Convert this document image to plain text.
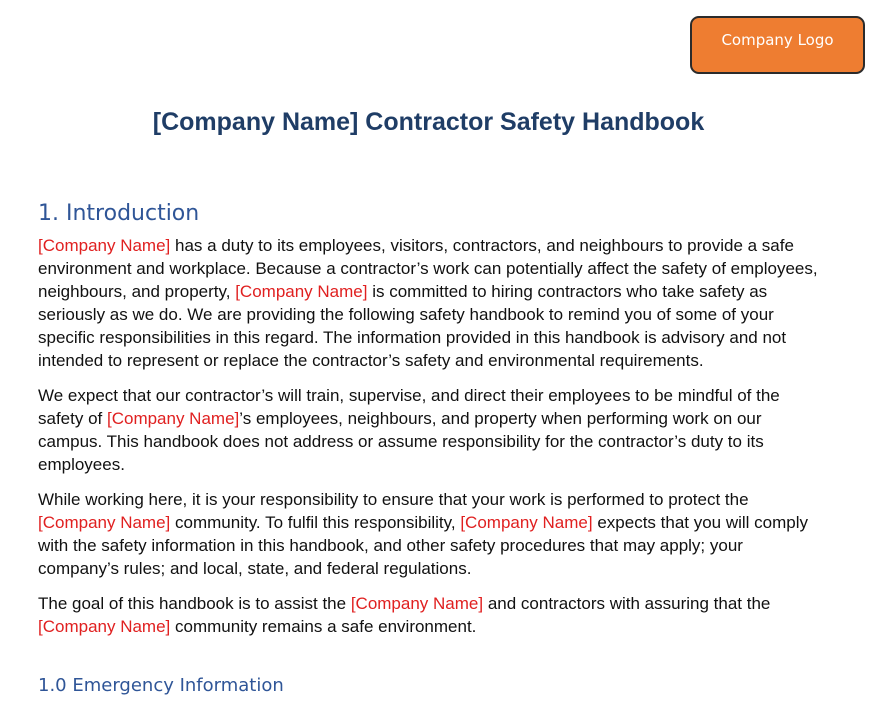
Company Logo
[Company Name] Contractor Safety Handbook
1. Introduction

[Company Name] has a duty to its employees, visitors, contractors, and neighbours to provide a safe environment and workplace. Because a contractor’s work can potentially affect the safety of employees, neighbours, and property, [Company Name] is committed to hiring contractors who take safety as seriously as we do. We are providing the following safety handbook to remind you of some of your specific responsibilities in this regard. The information provided in this handbook is advisory and not intended to represent or replace the contractor’s safety and environmental requirements.

We expect that our contractor’s will train, supervise, and direct their employees to be mindful of the safety of [Company Name]’s employees, neighbours, and property when performing work on our campus. This handbook does not address or assume responsibility for the contractor’s duty to its employees.

While working here, it is your responsibility to ensure that your work is performed to protect the [Company Name] community. To fulfil this responsibility, [Company Name] expects that you will comply with the safety information in this handbook, and other safety procedures that may apply; your company’s rules; and local, state, and federal regulations.

The goal of this handbook is to assist the [Company Name] and contractors with assuring that the [Company Name] community remains a safe environment.

1.0 Emergency Information
